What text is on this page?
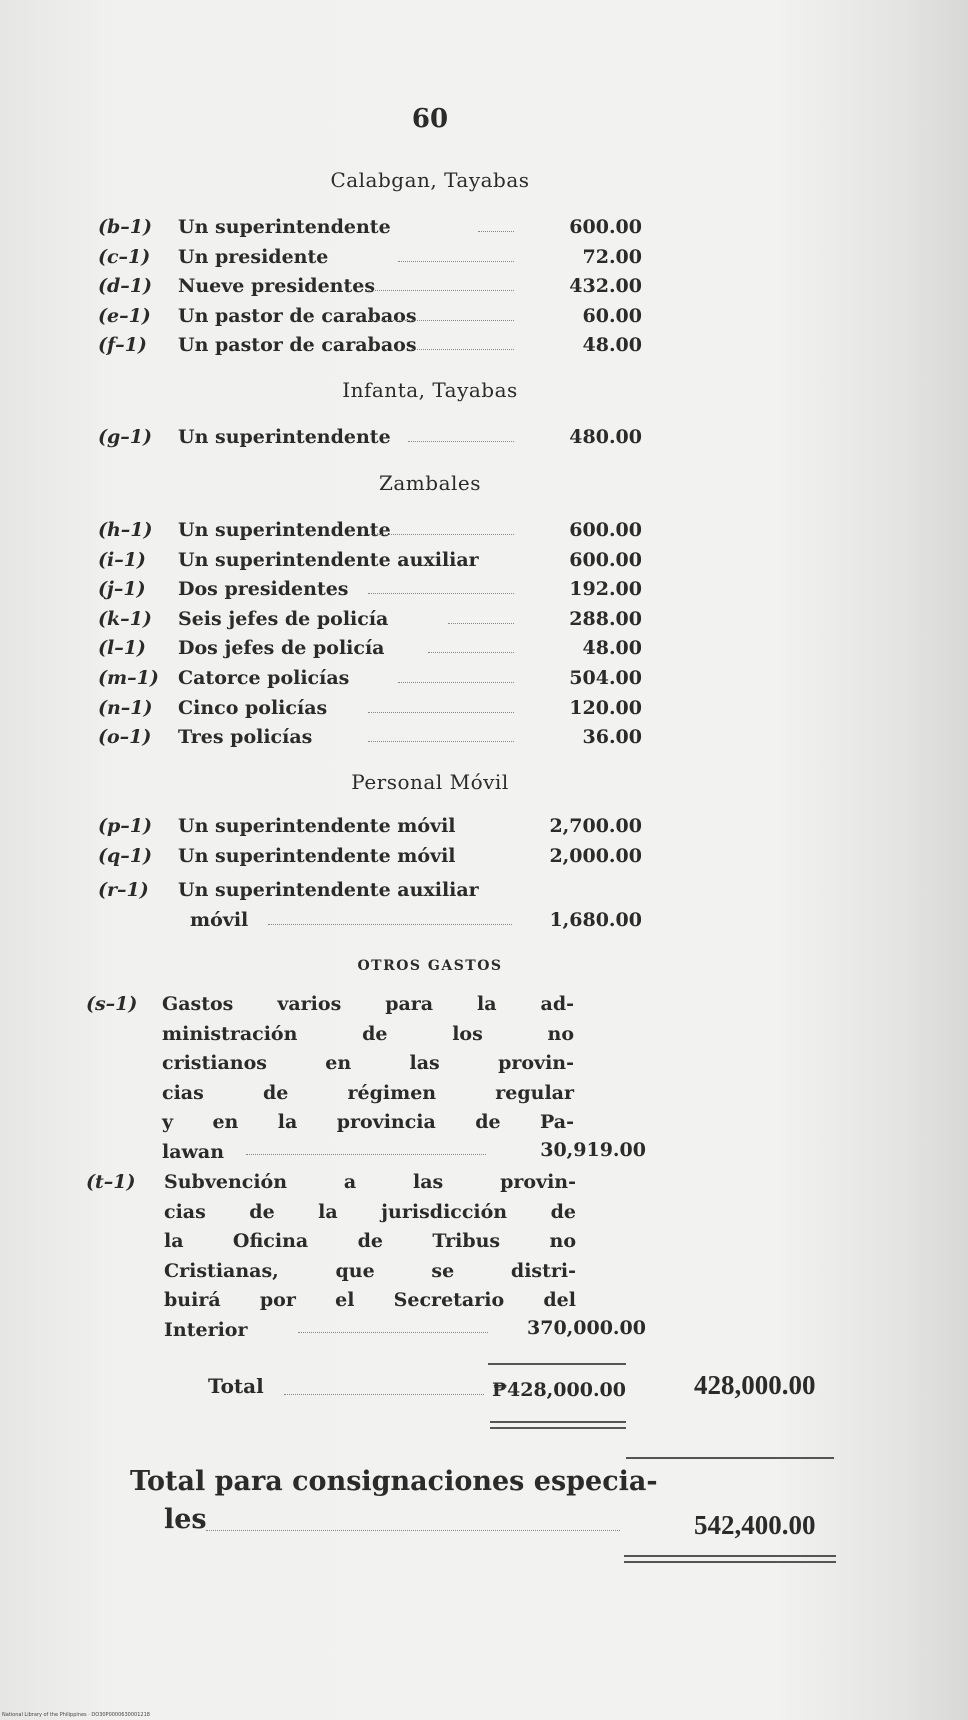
60
Calabgan, Tayabas
(b–1) Un superintendente	600.00
(c–1) Un presidente	72.00
(d–1) Nueve presidentes	432.00
(e–1) Un pastor de carabaos	60.00
(f–1) Un pastor de carabaos	48.00
Infanta, Tayabas
(g–1) Un superintendente	480.00
Zambales
(h–1) Un superintendente	600.00
(i–1) Un superintendente auxiliar	600.00
(j–1) Dos presidentes	192.00
(k–1) Seis jefes de policía	288.00
(l–1) Dos jefes de policía	48.00
(m–1) Catorce policías	504.00
(n–1) Cinco policías	120.00
(o–1) Tres policías	36.00
Personal Móvil
(p–1) Un superintendente móvil	2,700.00
(q–1) Un superintendente móvil	2,000.00
(r–1) Un superintendente auxiliar
móvil	1,680.00
OTROS GASTOS
(s–1) Gastos varios para la ad-
ministración de los no
cristianos en las provin-
cias de régimen regular
y en la provincia de Pa-
lawan	30,919.00
(t–1) Subvención a las provin-
cias de la jurisdicción de
la Oficina de Tribus no
Cristianas, que se distri-
buirá por el Secretario del
Interior	370,000.00
Total	₱428,000.00	428,000.00
Total para consignaciones especia-
les	542,400.00
National Library of the Philippines · DO30P0000630001218
